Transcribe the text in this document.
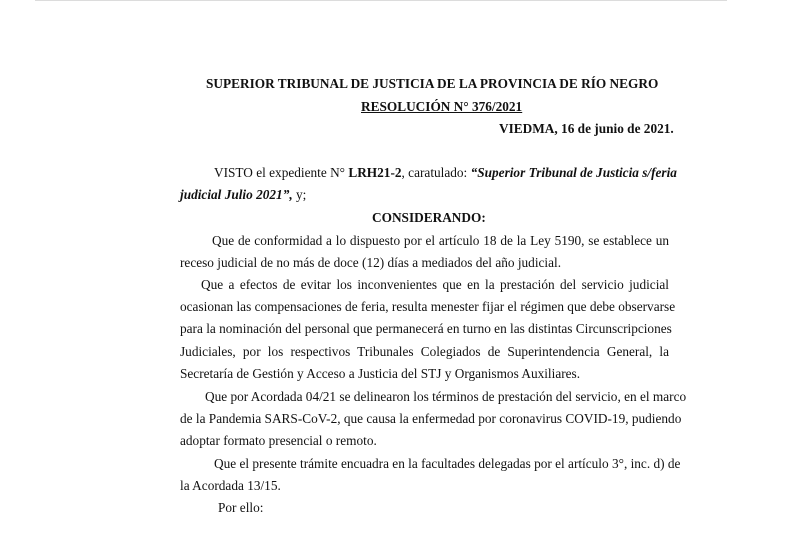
SUPERIOR TRIBUNAL DE JUSTICIA DE LA PROVINCIA DE RÍO NEGRO
RESOLUCIÓN N° 376/2021
VIEDMA, 16 de junio de 2021.
VISTO el expediente N° LRH21-2, caratulado: “Superior Tribunal de Justicia s/feria
judicial Julio 2021”, y;
CONSIDERANDO:
Que de conformidad a lo dispuesto por el artículo 18 de la Ley 5190, se establece un
receso judicial de no más de doce (12) días a mediados del año judicial.
Que a efectos de evitar los inconvenientes que en la prestación del servicio judicial
ocasionan las compensaciones de feria, resulta menester fijar el régimen que debe observarse
para la nominación del personal que permanecerá en turno en las distintas Circunscripciones
Judiciales, por los respectivos Tribunales Colegiados de Superintendencia General, la
Secretaría de Gestión y Acceso a Justicia del STJ y Organismos Auxiliares.
Que por Acordada 04/21 se delinearon los términos de prestación del servicio, en el marco
de la Pandemia SARS-CoV-2, que causa la enfermedad por coronavirus COVID-19, pudiendo
adoptar formato presencial o remoto.
Que el presente trámite encuadra en la facultades delegadas por el artículo 3°, inc. d) de
la Acordada 13/15.
Por ello:
